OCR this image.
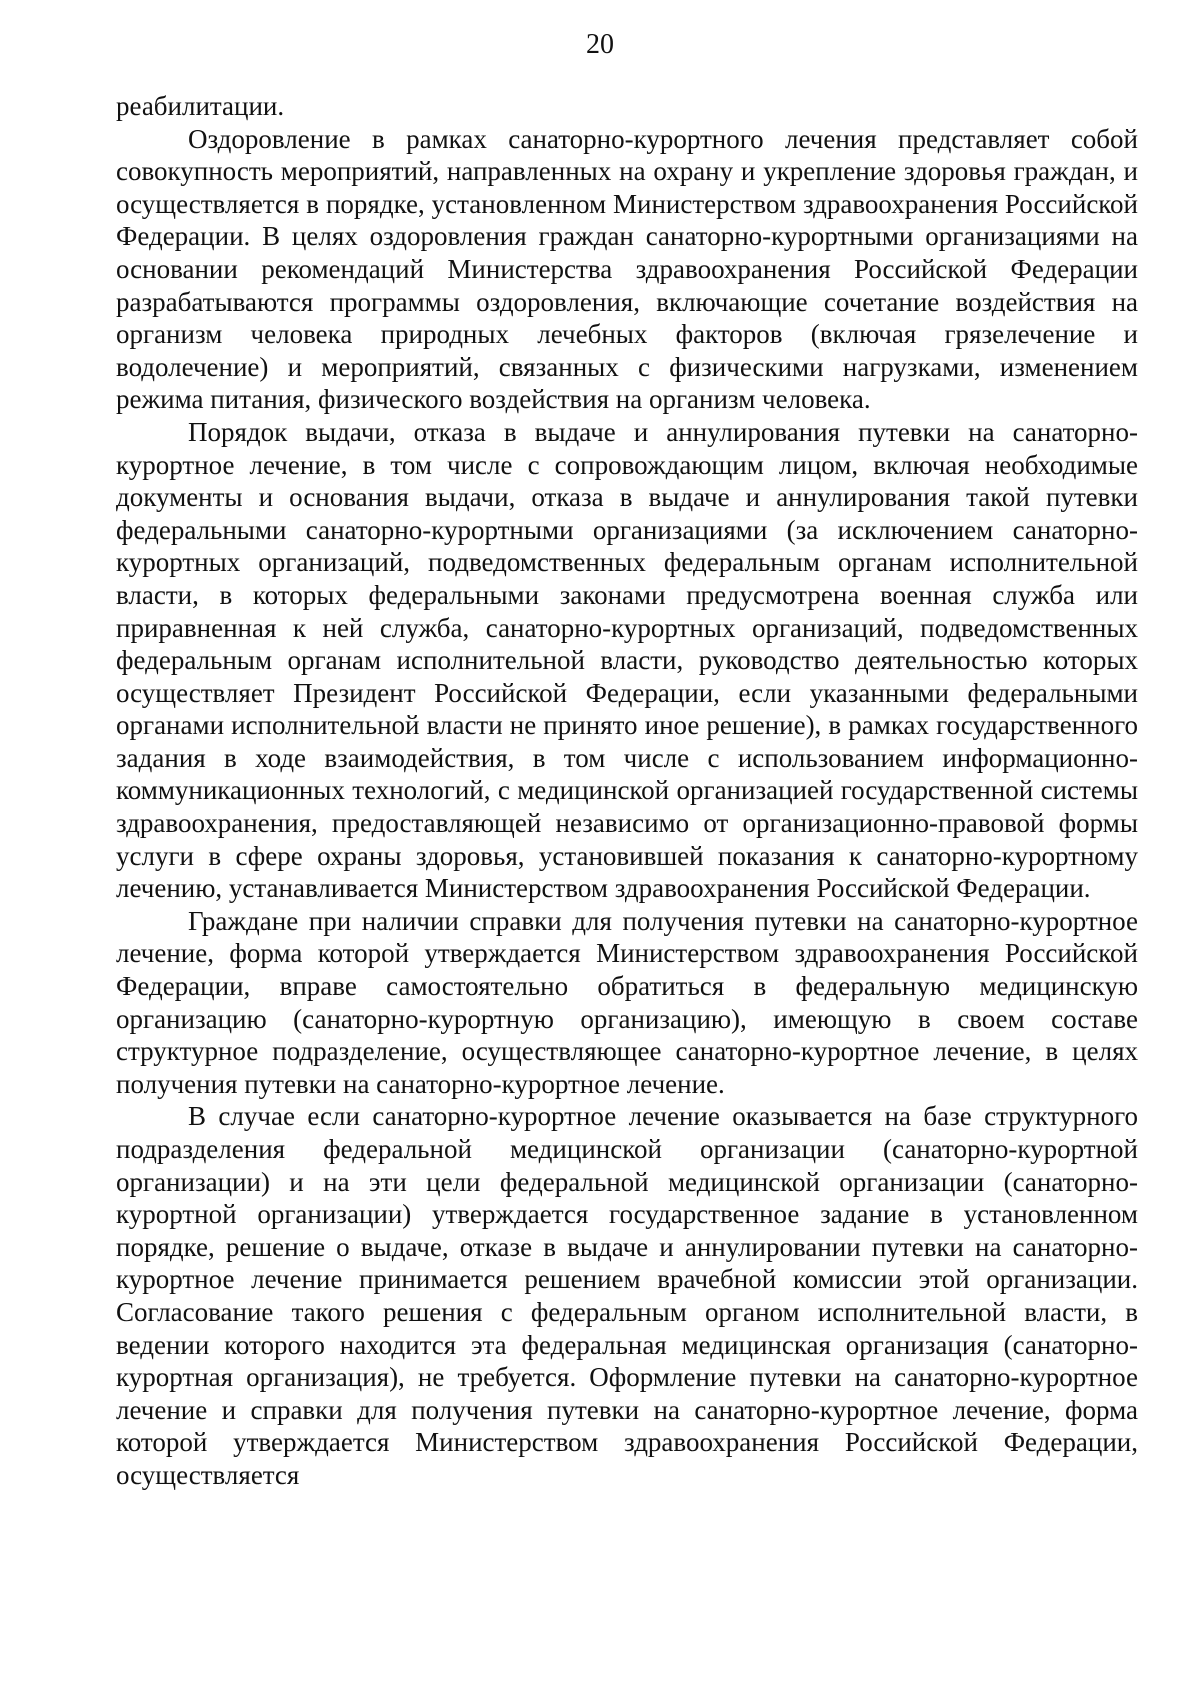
20

реабилитации.

Оздоровление в рамках санаторно-курортного лечения представляет собой совокупность мероприятий, направленных на охрану и укрепление здоровья граждан, и осуществляется в порядке, установленном Министерством здравоохранения Российской Федерации. В целях оздоровления граждан санаторно-курортными организациями на основании рекомендаций Министерства здравоохранения Российской Федерации разрабатываются программы оздоровления, включающие сочетание воздействия на организм человека природных лечебных факторов (включая грязелечение и водолечение) и мероприятий, связанных с физическими нагрузками, изменением режима питания, физического воздействия на организм человека.

Порядок выдачи, отказа в выдаче и аннулирования путевки на санаторно-курортное лечение, в том числе с сопровождающим лицом, включая необходимые документы и основания выдачи, отказа в выдаче и аннулирования такой путевки федеральными санаторно-курортными организациями (за исключением санаторно-курортных организаций, подведомственных федеральным органам исполнительной власти, в которых федеральными законами предусмотрена военная служба или приравненная к ней служба, санаторно-курортных организаций, подведомственных федеральным органам исполнительной власти, руководство деятельностью которых осуществляет Президент Российской Федерации, если указанными федеральными органами исполнительной власти не принято иное решение), в рамках государственного задания в ходе взаимодействия, в том числе с использованием информационно-коммуникационных технологий, с медицинской организацией государственной системы здравоохранения, предоставляющей независимо от организационно-правовой формы услуги в сфере охраны здоровья, установившей показания к санаторно-курортному лечению, устанавливается Министерством здравоохранения Российской Федерации.

Граждане при наличии справки для получения путевки на санаторно-курортное лечение, форма которой утверждается Министерством здравоохранения Российской Федерации, вправе самостоятельно обратиться в федеральную медицинскую организацию (санаторно-курортную организацию), имеющую в своем составе структурное подразделение, осуществляющее санаторно-курортное лечение, в целях получения путевки на санаторно-курортное лечение.

В случае если санаторно-курортное лечение оказывается на базе структурного подразделения федеральной медицинской организации (санаторно-курортной организации) и на эти цели федеральной медицинской организации (санаторно-курортной организации) утверждается государственное задание в установленном порядке, решение о выдаче, отказе в выдаче и аннулировании путевки на санаторно-курортное лечение принимается решением врачебной комиссии этой организации. Согласование такого решения с федеральным органом исполнительной власти, в ведении которого находится эта федеральная медицинская организация (санаторно-курортная организация), не требуется. Оформление путевки на санаторно-курортное лечение и справки для получения путевки на санаторно-курортное лечение, форма которой утверждается Министерством здравоохранения Российской Федерации, осуществляется
